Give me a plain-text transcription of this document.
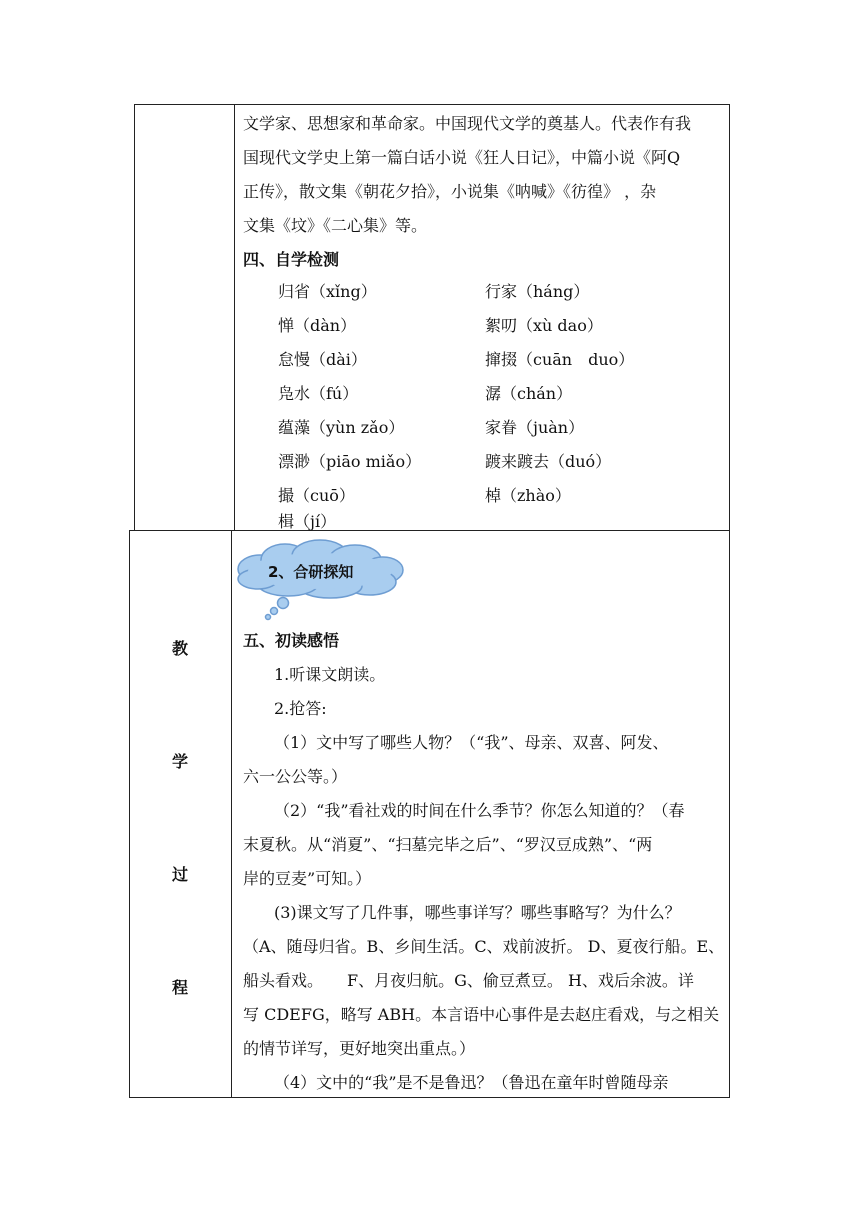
文学家、思想家和革命家。中国现代文学的奠基人。代表作有我
国现代文学史上第一篇白话小说《狂人日记》，中篇小说《阿Q
正传》，散文集《朝花夕拾》，小说集《呐喊》《彷徨》 ，杂
文集《坟》《二心集》等。
四、自学检测
归省（xǐng）
惮（dàn）
怠慢（dài）
凫水（fú）
蕴藻（yùn zǎo）
漂渺（piāo miǎo）
撮（cuō）
楫（jí）
行家（háng）
絮叨（xù dao）
撺掇（cuān　duo）
潺（chán）
家眷（juàn）
踱来踱去（duó）
棹（zhào）
教
学
过
程
2、合研探知
五、初读感悟
1.听课文朗读。
2.抢答:
（1）文中写了哪些人物？（“我”、母亲、双喜、阿发、
六一公公等。）
（2）“我”看社戏的时间在什么季节？你怎么知道的？（春
末夏秋。从“消夏”、“扫墓完毕之后”、“罗汉豆成熟”、“两
岸的豆麦”可知。）
(3)课文写了几件事，哪些事详写？哪些事略写？为什么？
（A、随母归省。B、乡间生活。C、戏前波折。 D、夏夜行船。E、
船头看戏。　　F、月夜归航。G、偷豆煮豆。 H、戏后余波。详
写 CDEFG，略写 ABH。本言语中心事件是去赵庄看戏，与之相关
的情节详写，更好地突出重点。）
（4）文中的“我”是不是鲁迅？（鲁迅在童年时曾随母亲
